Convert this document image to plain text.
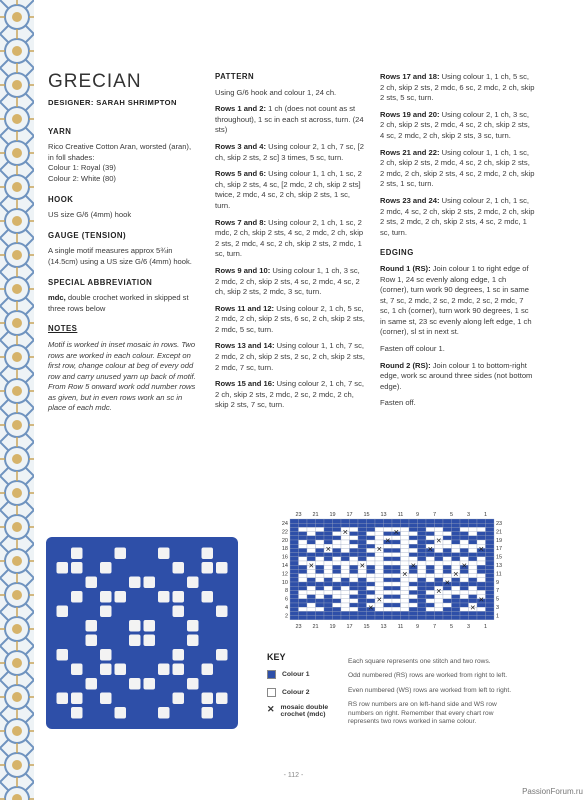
GRECIAN
DESIGNER: SARAH SHRIMPTON
YARN

Rico Creative Cotton Aran, worsted (aran), in foll shades:

Colour 1: Royal (39)

Colour 2: White (80)

HOOK

US size G/6 (4mm) hook

GAUGE (TENSION)

A single motif measures approx 5¾in (14.5cm) using a US size G/6 (4mm) hook.

SPECIAL ABBREVIATION

mdc, double crochet worked in skipped st three rows below

NOTES

Motif is worked in inset mosaic in rows. Two rows are worked in each colour. Except on first row, change colour at beg of every odd row and carry unused yarn up back of motif. From Row 5 onward work odd number rows as given, but in even rows work an sc in place of each mdc.

PATTERN

Using G/6 hook and colour 1, 24 ch.

Rows 1 and 2: 1 ch (does not count as st throughout), 1 sc in each st across, turn. (24 sts)

Rows 3 and 4: Using colour 2, 1 ch, 7 sc, [2 ch, skip 2 sts, 2 sc] 3 times, 5 sc, turn.

Rows 5 and 6: Using colour 1, 1 ch, 1 sc, 2 ch, skip 2 sts, 4 sc, [2 mdc, 2 ch, skip 2 sts] twice, 2 mdc, 4 sc, 2 ch, skip 2 sts, 1 sc, turn.

Rows 7 and 8: Using colour 2, 1 ch, 1 sc, 2 mdc, 2 ch, skip 2 sts, 4 sc, 2 mdc, 2 ch, skip 2 sts, 2 mdc, 4 sc, 2 ch, skip 2 sts, 2 mdc, 1 sc, turn.

Rows 9 and 10: Using colour 1, 1 ch, 3 sc, 2 mdc, 2 ch, skip 2 sts, 4 sc, 2 mdc, 4 sc, 2 ch, skip 2 sts, 2 mdc, 3 sc, turn.

Rows 11 and 12: Using colour 2, 1 ch, 5 sc, 2 mdc, 2 ch, skip 2 sts, 6 sc, 2 ch, skip 2 sts, 2 mdc, 5 sc, turn.

Rows 13 and 14: Using colour 1, 1 ch, 7 sc, 2 mdc, 2 ch, skip 2 sts, 2 sc, 2 ch, skip 2 sts, 2 mdc, 7 sc, turn.

Rows 15 and 16: Using colour 2, 1 ch, 7 sc, 2 ch, skip 2 sts, 2 mdc, 2 sc, 2 mdc, 2 ch, skip 2 sts, 7 sc, turn.

Rows 17 and 18: Using colour 1, 1 ch, 5 sc, 2 ch, skip 2 sts, 2 mdc, 6 sc, 2 mdc, 2 ch, skip 2 sts, 5 sc, turn.

Rows 19 and 20: Using colour 2, 1 ch, 3 sc, 2 ch, skip 2 sts, 2 mdc, 4 sc, 2 ch, skip 2 sts, 4 sc, 2 mdc, 2 ch, skip 2 sts, 3 sc, turn.

Rows 21 and 22: Using colour 1, 1 ch, 1 sc, 2 ch, skip 2 sts, 2 mdc, 4 sc, 2 ch, skip 2 sts, 2 mdc, 2 ch, skip 2 sts, 4 sc, 2 mdc, 2 ch, skip 2 sts, 1 sc, turn.

Rows 23 and 24: Using colour 2, 1 ch, 1 sc, 2 mdc, 4 sc, 2 ch, skip 2 sts, 2 mdc, 2 ch, skip 2 sts, 2 mdc, 2 ch, skip 2 sts, 4 sc, 2 mdc, 1 sc, turn.

EDGING

Round 1 (RS): Join colour 1 to right edge of Row 1, 24 sc evenly along edge, 1 ch (corner), turn work 90 degrees, 1 sc in same st, 7 sc, 2 mdc, 2 sc, 2 mdc, 2 sc, 2 mdc, 7 sc, 1 ch (corner), turn work 90 degrees, 1 sc in same st, 23 sc evenly along left edge, 1 ch (corner), sl st in next st.

Fasten off colour 1.

Round 2 (RS): Join colour 1 to bottom-right edge, work sc around three sides (not bottom edge).

Fasten off.

✕	✕
✕	✕
✕	✕	✕	✕
✕	✕	✕	✕
✕	✕
✕
✕
✕	✕
✕	✕
23
23
21
21
19
19
17
17
15
15
13
13
11
11
9
9
7
7
5
5
3
3
1
1
24
22
20
18
16
14
12
10
8
6
4
2
23
21
19
17
15
13
11
9
7
5
3
1
KEY
Colour 1
Colour 2
✕ mosaic double crochet (mdc)

Each square represents one stitch and two rows.

Odd numbered (RS) rows are worked from right to left.

Even numbered (WS) rows are worked from left to right.

RS row numbers are on left-hand side and WS row numbers on right. Remember that every chart row represents two rows worked in same colour.

- 112 -
PassionForum.ru
